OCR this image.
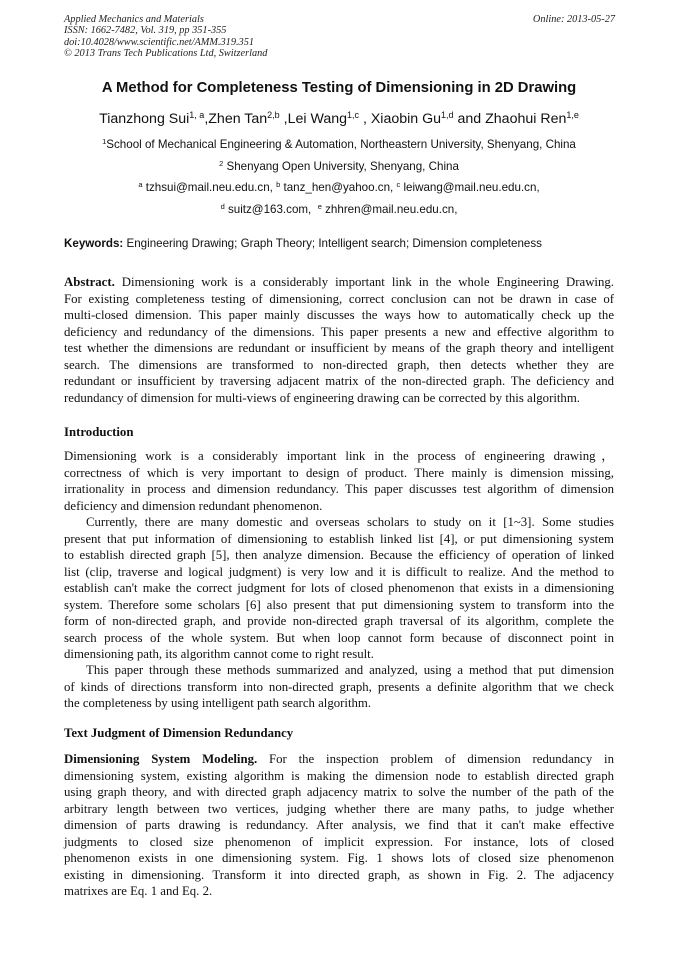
Applied Mechanics and Materials
ISSN: 1662-7482, Vol. 319, pp 351-355
doi:10.4028/www.scientific.net/AMM.319.351
© 2013 Trans Tech Publications Ltd, Switzerland
Online: 2013-05-27
A Method for Completeness Testing of Dimensioning in 2D Drawing
Tianzhong Sui$^{1, a}$,Zhen Tan$^{2,b}$ ,Lei Wang$^{1,c}$ , Xiaobin Gu$^{1,d}$ and Zhaohui Ren$^{1,e}$
$^1$School of Mechanical Engineering & Automation, Northeastern University, Shenyang, China
$^2$ Shenyang Open University, Shenyang, China
$^a$ tzhsui@mail.neu.edu.cn, $^b$ tanz_hen@yahoo.cn, $^c$ leiwang@mail.neu.edu.cn,
$^d$ suitz@163.com, $^e$ zhhren@mail.neu.edu.cn,
Keywords: Engineering Drawing; Graph Theory; Intelligent search; Dimension completeness
Abstract. Dimensioning work is a considerably important link in the whole Engineering Drawing.
For existing completeness testing of dimensioning, correct conclusion can not be drawn in case of
multi-closed dimension. This paper mainly discusses the ways how to automatically check up the
deficiency and redundancy of the dimensions. This paper presents a new and effective algorithm to
test whether the dimensions are redundant or insufficient by means of the graph theory and intelligent
search. The dimensions are transformed to non-directed graph, then detects whether they are
redundant or insufficient by traversing adjacent matrix of the non-directed graph. The deficiency and
redundancy of dimension for multi-views of engineering drawing can be corrected by this algorithm.
Introduction
Dimensioning work is a considerably important link in the process of engineering drawing，
correctness of which is very important to design of product. There mainly is dimension missing,
irrationality in process and dimension redundancy. This paper discusses test algorithm of dimension
deficiency and dimension redundant phenomenon.
Currently, there are many domestic and overseas scholars to study on it [1~3]. Some studies
present that put information of dimensioning to establish linked list [4], or put dimensioning system
to establish directed graph [5], then analyze dimension. Because the efficiency of operation of linked
list (clip, traverse and logical judgment) is very low and it is difficult to realize. And the method to
establish can't make the correct judgment for lots of closed phenomenon that exists in a dimensioning
system. Therefore some scholars [6] also present that put dimensioning system to transform into the
form of non-directed graph, and provide non-directed graph traversal of its algorithm, complete the
search process of the whole system. But when loop cannot form because of disconnect point in
dimensioning path, its algorithm cannot come to right result.
This paper through these methods summarized and analyzed, using a method that put dimension
of kinds of directions transform into non-directed graph, presents a definite algorithm that we check
the completeness by using intelligent path search algorithm.
Text Judgment of Dimension Redundancy
Dimensioning System Modeling. For the inspection problem of dimension redundancy in
dimensioning system, existing algorithm is making the dimension node to establish directed graph
using graph theory, and with directed graph adjacency matrix to solve the number of the path of the
arbitrary length between two vertices, judging whether there are many paths, to judge whether
dimension of parts drawing is redundancy. After analysis, we find that it can't make effective
judgments to closed size phenomenon of implicit expression. For instance, lots of closed
phenomenon exists in one dimensioning system. Fig. 1 shows lots of closed size phenomenon
existing in dimensioning. Transform it into directed graph, as shown in Fig. 2. The adjacency
matrixes are Eq. 1 and Eq. 2.
